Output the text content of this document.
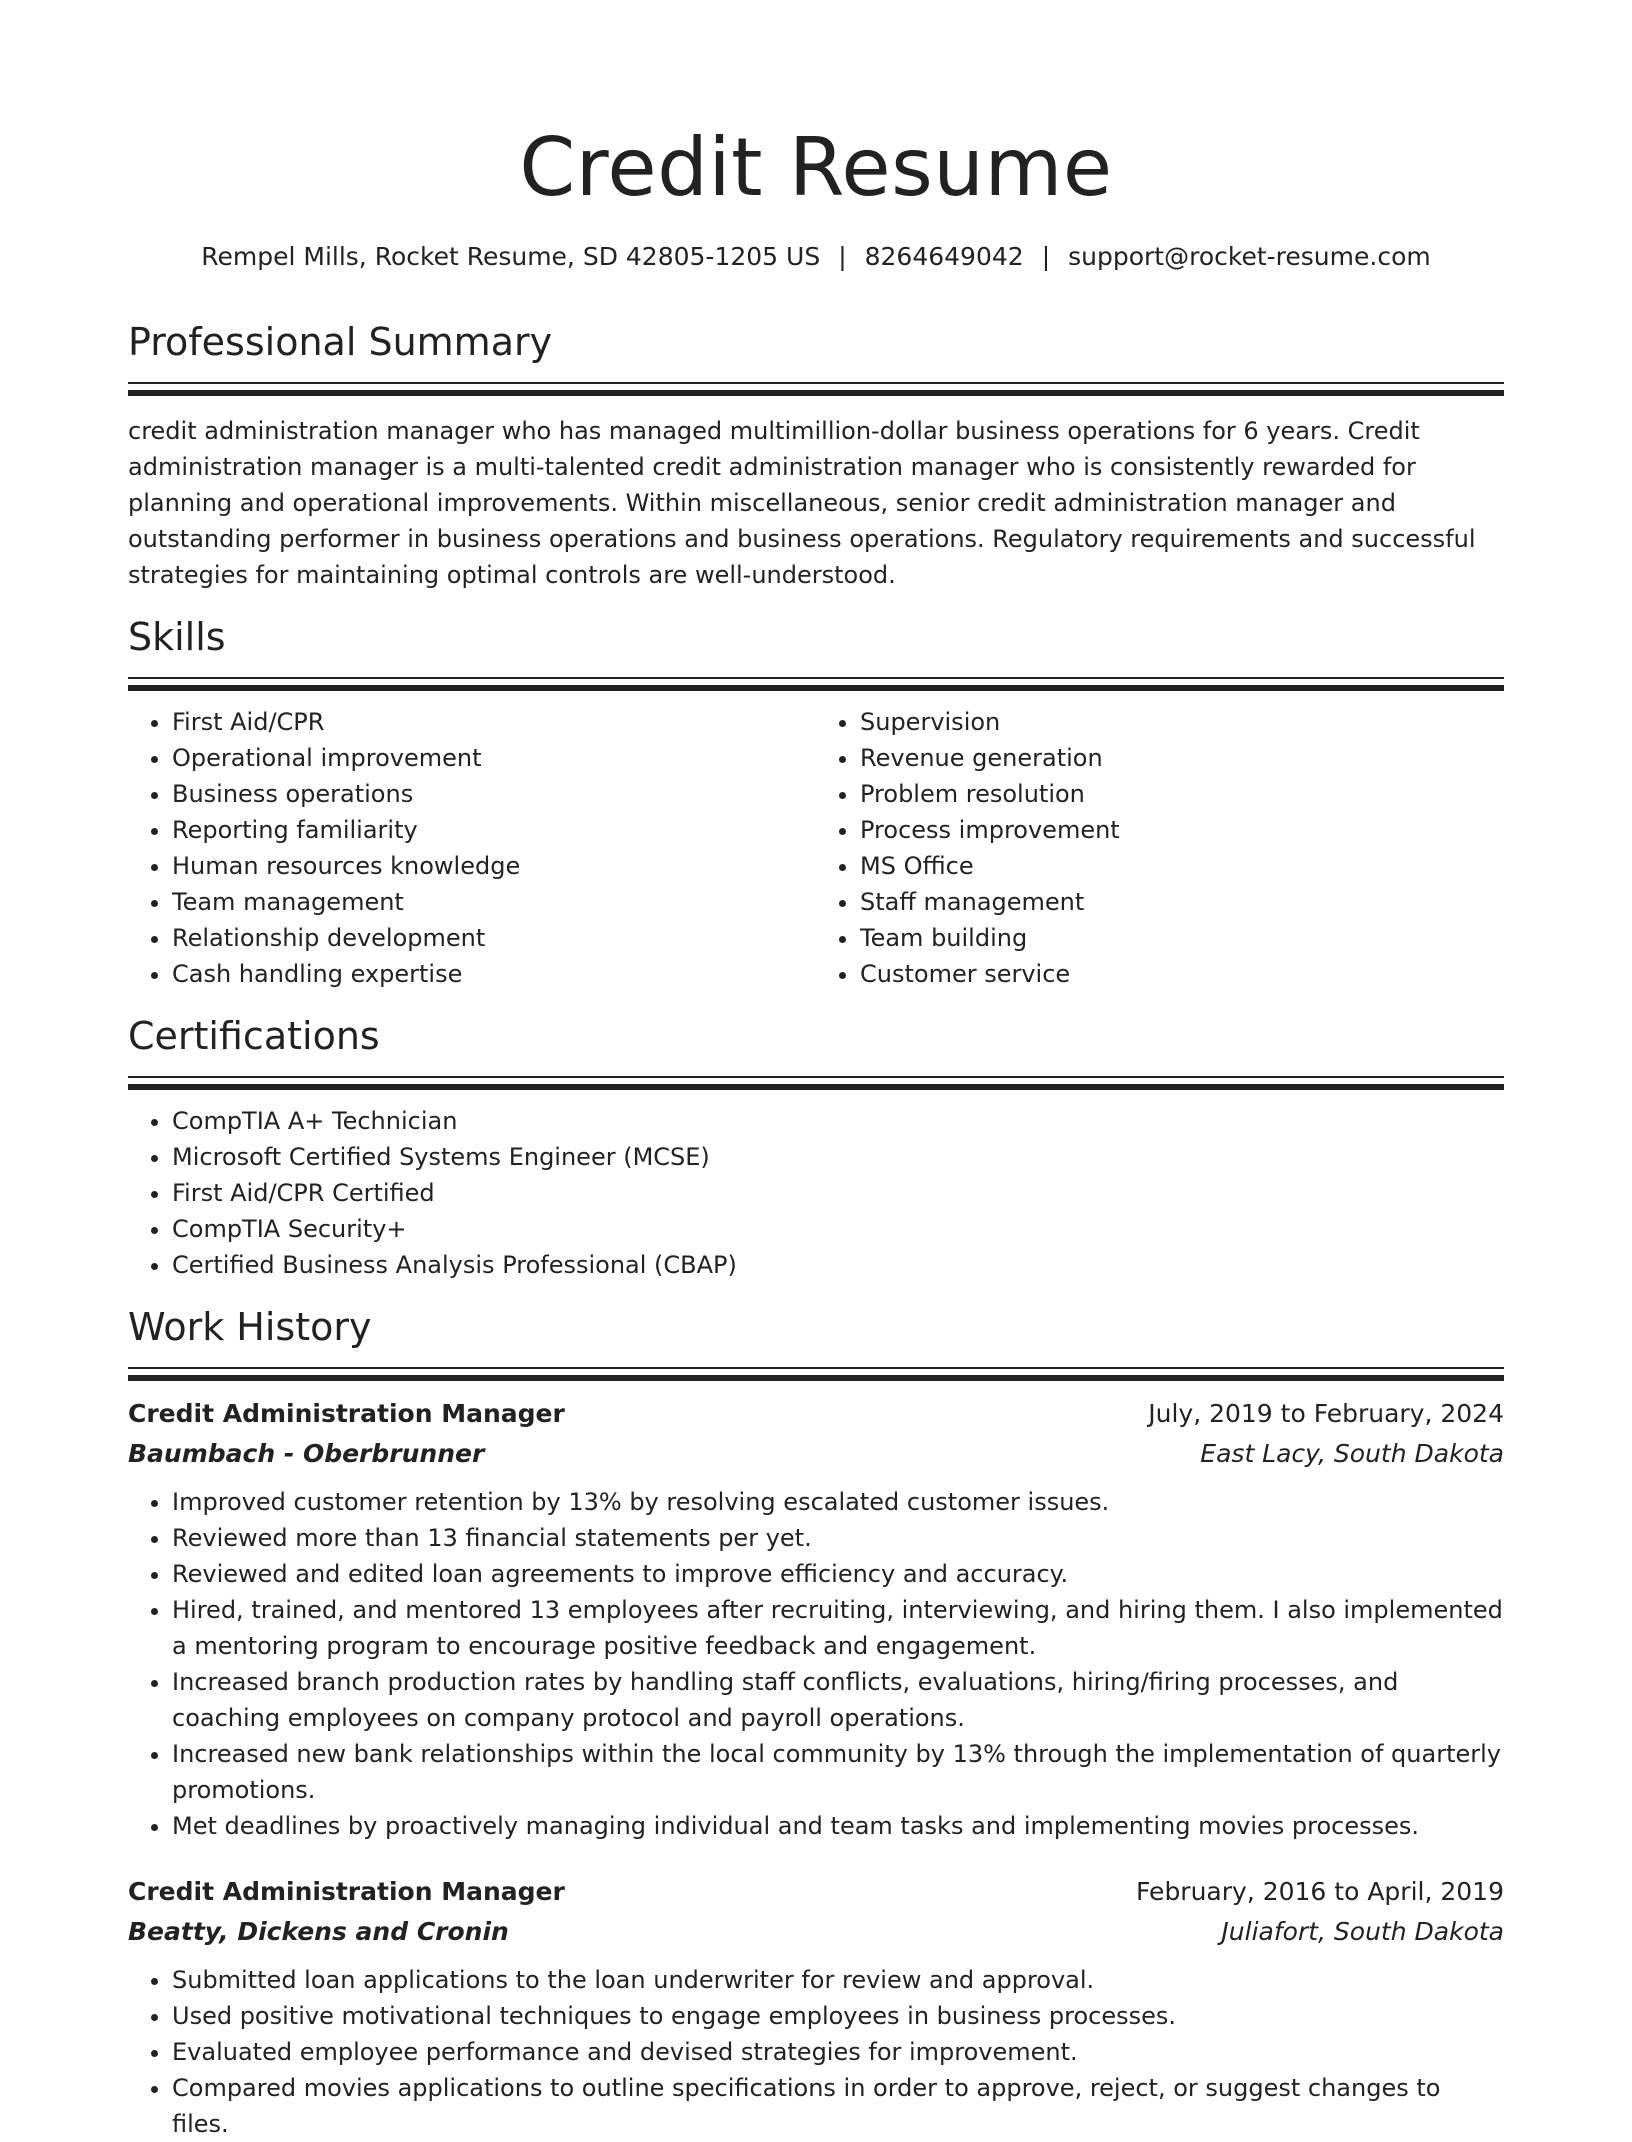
Credit Resume
Rempel Mills, Rocket Resume, SD 42805-1205 US | 8264649042 | support@rocket-resume.com
Professional Summary

credit administration manager who has managed multimillion-dollar business operations for 6 years. Credit administration manager is a multi-talented credit administration manager who is consistently rewarded for planning and operational improvements. Within miscellaneous, senior credit administration manager and outstanding performer in business operations and business operations. Regulatory requirements and successful strategies for maintaining optimal controls are well-understood.

Skills
• First Aid/CPR
• Operational improvement
• Business operations
• Reporting familiarity
• Human resources knowledge
• Team management
• Relationship development
• Cash handling expertise
• Supervision
• Revenue generation
• Problem resolution
• Process improvement
• MS Office
• Staff management
• Team building
• Customer service
Certifications
• CompTIA A+ Technician
• Microsoft Certified Systems Engineer (MCSE)
• First Aid/CPR Certified
• CompTIA Security+
• Certified Business Analysis Professional (CBAP)
Work History
Credit Administration Manager	July, 2019 to February, 2024
Baumbach - Oberbrunner	East Lacy, South Dakota
• Improved customer retention by 13% by resolving escalated customer issues.
• Reviewed more than 13 financial statements per yet.
• Reviewed and edited loan agreements to improve efficiency and accuracy.
• Hired, trained, and mentored 13 employees after recruiting, interviewing, and hiring them. I also implemented a mentoring program to encourage positive feedback and engagement.
• Increased branch production rates by handling staff conflicts, evaluations, hiring/firing processes, and coaching employees on company protocol and payroll operations.
• Increased new bank relationships within the local community by 13% through the implementation of quarterly promotions.
• Met deadlines by proactively managing individual and team tasks and implementing movies processes.
Credit Administration Manager	February, 2016 to April, 2019
Beatty, Dickens and Cronin	Juliafort, South Dakota
• Submitted loan applications to the loan underwriter for review and approval.
• Used positive motivational techniques to engage employees in business processes.
• Evaluated employee performance and devised strategies for improvement.
• Compared movies applications to outline specifications in order to approve, reject, or suggest changes to files.
